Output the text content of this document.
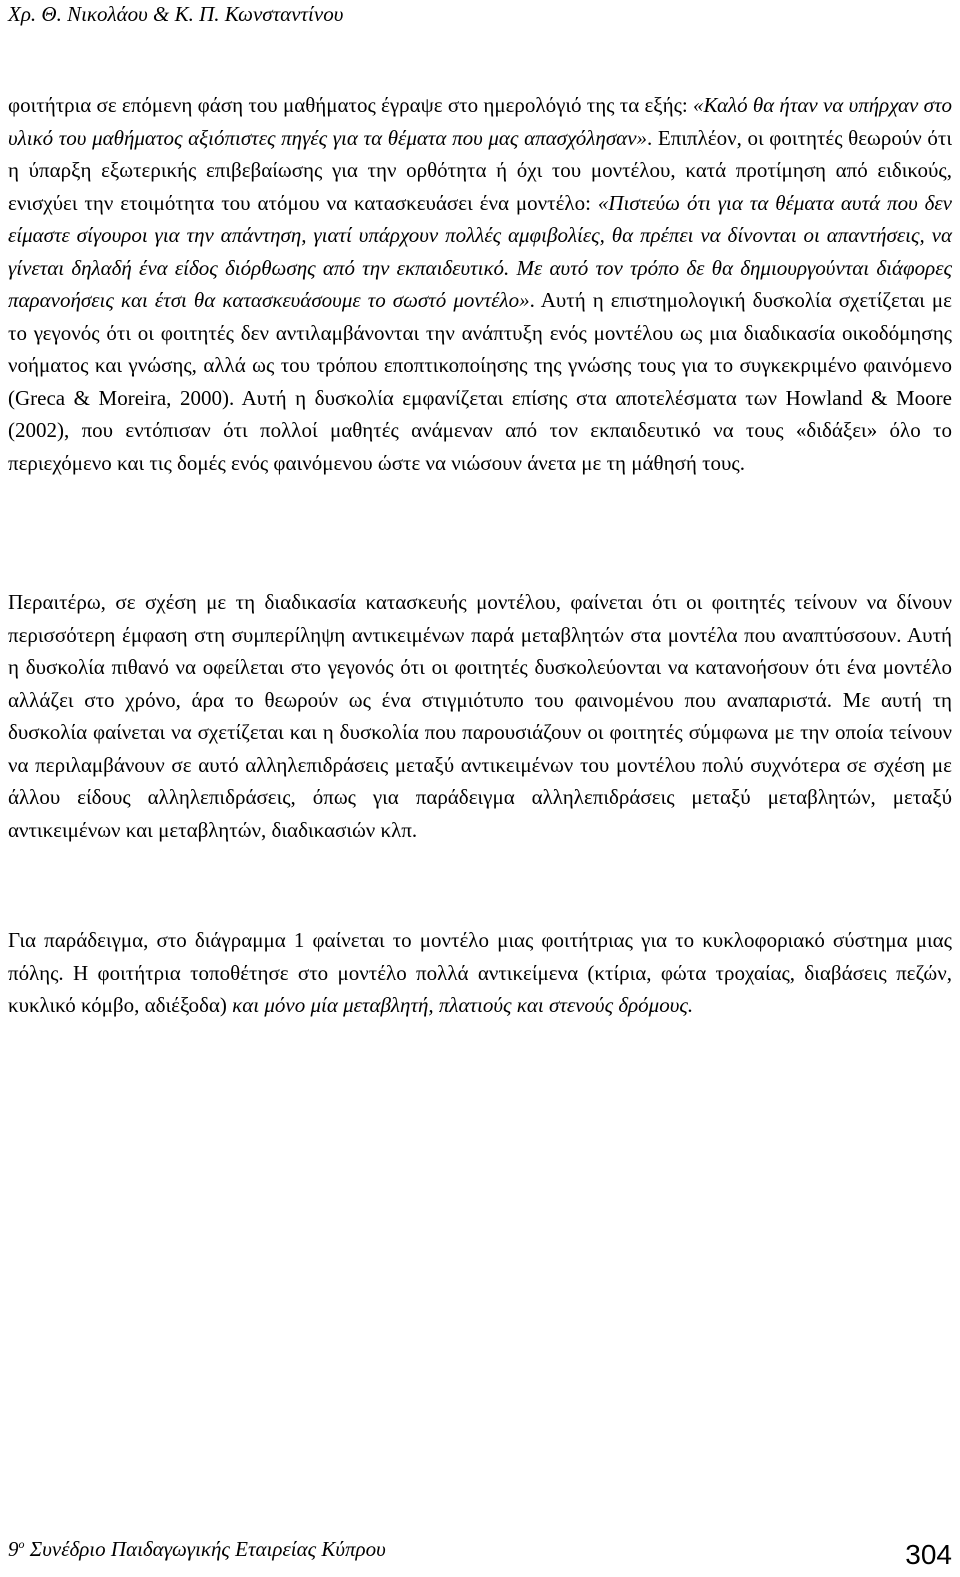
Χρ. Θ. Νικολάου & Κ. Π. Κωνσταντίνου

φοιτήτρια σε επόμενη φάση του μαθήματος έγραψε στο ημερολόγιό της τα εξής: «Καλό θα ήταν να υπήρχαν στο υλικό του μαθήματος αξιόπιστες πηγές για τα θέματα που μας απασχόλησαν». Επιπλέον, οι φοιτητές θεωρούν ότι η ύπαρξη εξωτερικής επιβεβαίωσης για την ορθότητα ή όχι του μοντέλου, κατά προτίμηση από ειδικούς, ενισχύει την ετοιμότητα του ατόμου να κατασκευάσει ένα μοντέλο: «Πιστεύω ότι για τα θέματα αυτά που δεν είμαστε σίγουροι για την απάντηση, γιατί υπάρχουν πολλές αμφιβολίες, θα πρέπει να δίνονται οι απαντήσεις, να γίνεται δηλαδή ένα είδος διόρθωσης από την εκπαιδευτικό. Με αυτό τον τρόπο δε θα δημιουργούνται διάφορες παρανοήσεις και έτσι θα κατασκευάσουμε το σωστό μοντέλο». Αυτή η επιστημολογική δυσκολία σχετίζεται με το γεγονός ότι οι φοιτητές δεν αντιλαμβάνονται την ανάπτυξη ενός μοντέλου ως μια διαδικασία οικοδόμησης νοήματος και γνώσης, αλλά ως του τρόπου εποπτικοποίησης της γνώσης τους για το συγκεκριμένο φαινόμενο (Greca & Moreira, 2000). Αυτή η δυσκολία εμφανίζεται επίσης στα αποτελέσματα των Howland & Moore (2002), που εντόπισαν ότι πολλοί μαθητές ανάμεναν από τον εκπαιδευτικό να τους «διδάξει» όλο το περιεχόμενο και τις δομές ενός φαινόμενου ώστε να νιώσουν άνετα με τη μάθησή τους.

Περαιτέρω, σε σχέση με τη διαδικασία κατασκευής μοντέλου, φαίνεται ότι οι φοιτητές τείνουν να δίνουν περισσότερη έμφαση στη συμπερίληψη αντικειμένων παρά μεταβλητών στα μοντέλα που αναπτύσσουν. Αυτή η δυσκολία πιθανό να οφείλεται στο γεγονός ότι οι φοιτητές δυσκολεύονται να κατανοήσουν ότι ένα μοντέλο αλλάζει στο χρόνο, άρα το θεωρούν ως ένα στιγμιότυπο του φαινομένου που αναπαριστά. Με αυτή τη δυσκολία φαίνεται να σχετίζεται και η δυσκολία που παρουσιάζουν οι φοιτητές σύμφωνα με την οποία τείνουν να περιλαμβάνουν σε αυτό αλληλεπιδράσεις μεταξύ αντικειμένων του μοντέλου πολύ συχνότερα σε σχέση με άλλου είδους αλληλεπιδράσεις, όπως για παράδειγμα αλληλεπιδράσεις μεταξύ μεταβλητών, μεταξύ αντικειμένων και μεταβλητών, διαδικασιών κλπ.

Για παράδειγμα, στο διάγραμμα 1 φαίνεται το μοντέλο μιας φοιτήτριας για το κυκλοφοριακό σύστημα μιας πόλης. Η φοιτήτρια τοποθέτησε στο μοντέλο πολλά αντικείμενα (κτίρια, φώτα τροχαίας, διαβάσεις πεζών, κυκλικό κόμβο, αδιέξοδα) και μόνο μία μεταβλητή, πλατιούς και στενούς δρόμους.

$9^o$ Συνέδριο Παιδαγωγικής Εταιρείας Κύπρου	304
